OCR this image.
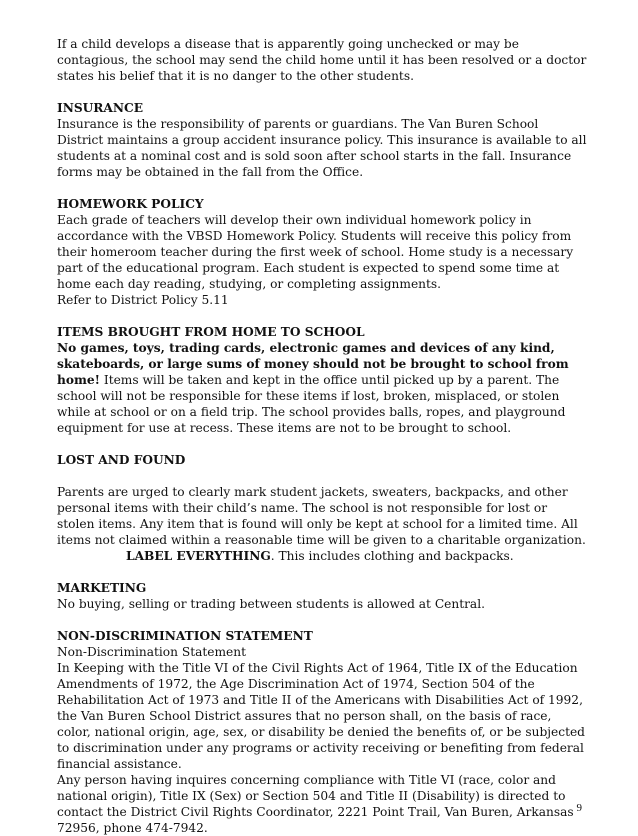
If a child develops a disease that is apparently going unchecked or may be contagious, the school may send the child home until it has been resolved or a doctor states his belief that it is no danger to the other students.

INSURANCE

Insurance is the responsibility of parents or guardians. The Van Buren School District maintains a group accident insurance policy. This insurance is available to all students at a nominal cost and is sold soon after school starts in the fall. Insurance forms may be obtained in the fall from the Office.

HOMEWORK POLICY

Each grade of teachers will develop their own individual homework policy in accordance with the VBSD Homework Policy. Students will receive this policy from their homeroom teacher during the first week of school. Home study is a necessary part of the educational program. Each student is expected to spend some time at home each day reading, studying, or completing assignments.

Refer to District Policy 5.11

ITEMS BROUGHT FROM HOME TO SCHOOL

No games, toys, trading cards, electronic games and devices of any kind, skateboards, or large sums of money should not be brought to school from home! Items will be taken and kept in the office until picked up by a parent. The school will not be responsible for these items if lost, broken, misplaced, or stolen while at school or on a field trip. The school provides balls, ropes, and playground equipment for use at recess. These items are not to be brought to school.

LOST AND FOUND

Parents are urged to clearly mark student jackets, sweaters, backpacks, and other personal items with their child’s name. The school is not responsible for lost or stolen items. Any item that is found will only be kept at school for a limited time. All items not claimed within a reasonable time will be given to a charitable organization.

LABEL EVERYTHING. This includes clothing and backpacks.

MARKETING

No buying, selling or trading between students is allowed at Central.

NON-DISCRIMINATION STATEMENT

Non-Discrimination Statement

In Keeping with the Title VI of the Civil Rights Act of 1964, Title IX of the Education Amendments of 1972, the Age Discrimination Act of 1974, Section 504 of the Rehabilitation Act of 1973 and Title II of the Americans with Disabilities Act of 1992, the Van Buren School District assures that no person shall, on the basis of race, color, national origin, age, sex, or disability be denied the benefits of, or be subjected to discrimination under any programs or activity receiving or benefiting from federal financial assistance.

Any person having inquires concerning compliance with Title VI (race, color and national origin), Title IX (Sex) or Section 504 and Title II (Disability) is directed to contact the District Civil Rights Coordinator, 2221 Point Trail, Van Buren, Arkansas 72956, phone 474-7942.

9
